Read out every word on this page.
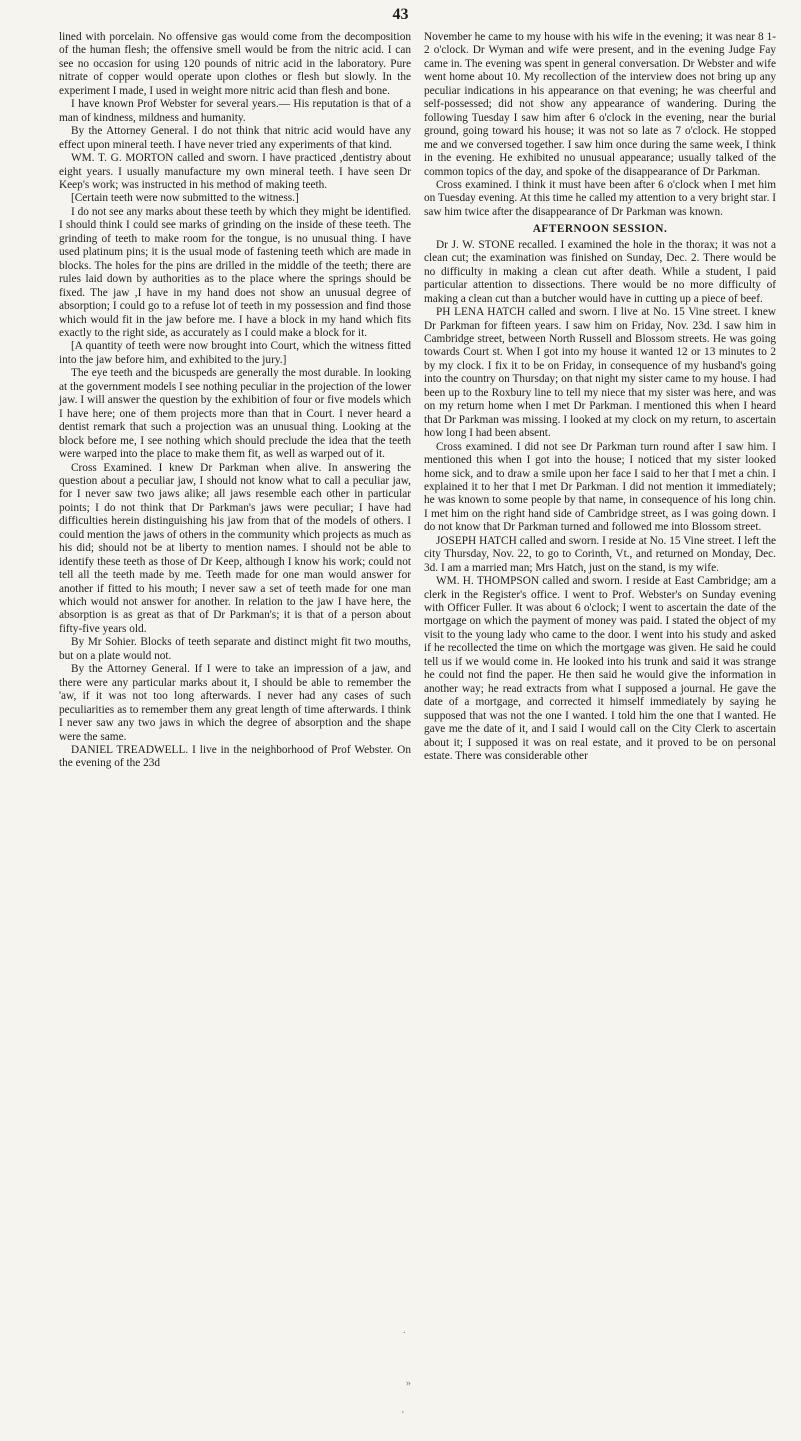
43

lined with porcelain. No offensive gas would come from the decomposition of the human flesh; the offensive smell would be from the nitric acid. I can see no occasion for using 120 pounds of nitric acid in the laboratory. Pure nitrate of copper would operate upon clothes or flesh but slowly. In the experiment I made, I used in weight more nitric acid than flesh and bone.

I have known Prof Webster for several years.— His reputation is that of a man of kindness, mildness and humanity.

By the Attorney General. I do not think that nitric acid would have any effect upon mineral teeth. I have never tried any experiments of that kind.

WM. T. G. MORTON called and sworn. I have practiced ,dentistry about eight years. I usually manufacture my own mineral teeth. I have seen Dr Keep's work; was instructed in his method of making teeth.

[Certain teeth were now submitted to the witness.]

I do not see any marks about these teeth by which they might be identified. I should think I could see marks of grinding on the inside of these teeth. The grinding of teeth to make room for the tongue, is no unusual thing. I have used platinum pins; it is the usual mode of fastening teeth which are made in blocks. The holes for the pins are drilled in the middle of the teeth; there are rules laid down by authorities as to the place where the springs should be fixed. The jaw ,I have in my hand does not show an unusual degree of absorption; I could go to a refuse lot of teeth in my possession and find those which would fit in the jaw before me. I have a block in my hand which fits exactly to the right side, as accurately as I could make a block for it.

[A quantity of teeth were now brought into Court, which the witness fitted into the jaw before him, and exhibited to the jury.]

The eye teeth and the bicuspeds are generally the most durable. In looking at the government models I see nothing peculiar in the projection of the lower jaw. I will answer the question by the exhibition of four or five models which I have here; one of them projects more than that in Court. I never heard a dentist remark that such a projection was an unusual thing. Looking at the block before me, I see nothing which should preclude the idea that the teeth were warped into the place to make them fit, as well as warped out of it.

Cross Examined. I knew Dr Parkman when alive. In answering the question about a peculiar jaw, I should not know what to call a peculiar jaw, for I never saw two jaws alike; all jaws resemble each other in particular points; I do not think that Dr Parkman's jaws were peculiar; I have had difficulties herein distinguishing his jaw from that of the models of others. I could mention the jaws of others in the community which projects as much as his did; should not be at liberty to mention names. I should not be able to identify these teeth as those of Dr Keep, although I know his work; could not tell all the teeth made by me. Teeth made for one man would answer for another if fitted to his mouth; I never saw a set of teeth made for one man which would not answer for another. In relation to the jaw I have here, the absorption is as great as that of Dr Parkman's; it is that of a person about fifty-five years old.

By Mr Sohier. Blocks of teeth separate and distinct might fit two mouths, but on a plate would not.

By the Attorney General. If I were to take an impression of a jaw, and there were any particular marks about it, I should be able to remember the 'aw, if it was not too long afterwards. I never had any cases of such peculiarities as to remember them any great length of time afterwards. I think I never saw any two jaws in which the degree of absorption and the shape were the same.

DANIEL TREADWELL. I live in the neighborhood of Prof Webster. On the evening of the 23d

November he came to my house with his wife in the evening; it was near 8 1-2 o'clock. Dr Wyman and wife were present, and in the evening Judge Fay came in. The evening was spent in general conversation. Dr Webster and wife went home about 10. My recollection of the interview does not bring up any peculiar indications in his appearance on that evening; he was cheerful and self-possessed; did not show any appearance of wandering. During the following Tuesday I saw him after 6 o'clock in the evening, near the burial ground, going toward his house; it was not so late as 7 o'clock. He stopped me and we conversed together. I saw him once during the same week, I think in the evening. He exhibited no unusual appearance; usually talked of the common topics of the day, and spoke of the disappearance of Dr Parkman.

Cross examined. I think it must have been after 6 o'clock when I met him on Tuesday evening. At this time he called my attention to a very bright star. I saw him twice after the disappearance of Dr Parkman was known.

AFTERNOON SESSION.

Dr J. W. STONE recalled. I examined the hole in the thorax; it was not a clean cut; the examination was finished on Sunday, Dec. 2. There would be no difficulty in making a clean cut after death. While a student, I paid particular attention to dissections. There would be no more difficulty of making a clean cut than a butcher would have in cutting up a piece of beef.

PH LENA HATCH called and sworn. I live at No. 15 Vine street. I knew Dr Parkman for fifteen years. I saw him on Friday, Nov. 23d. I saw him in Cambridge street, between North Russell and Blossom streets. He was going towards Court st. When I got into my house it wanted 12 or 13 minutes to 2 by my clock. I fix it to be on Friday, in consequence of my husband's going into the country on Thursday; on that night my sister came to my house. I had been up to the Roxbury line to tell my niece that my sister was here, and was on my return home when I met Dr Parkman. I mentioned this when I heard that Dr Parkman was missing. I looked at my clock on my return, to ascertain how long I had been absent.

Cross examined. I did not see Dr Parkman turn round after I saw him. I mentioned this when I got into the house; I noticed that my sister looked home sick, and to draw a smile upon her face I said to her that I met a chin. I explained it to her that I met Dr Parkman. I did not mention it immediately; he was known to some people by that name, in consequence of his long chin. I met him on the right hand side of Cambridge street, as I was going down. I do not know that Dr Parkman turned and followed me into Blossom street.

JOSEPH HATCH called and sworn. I reside at No. 15 Vine street. I left the city Thursday, Nov. 22, to go to Corinth, Vt., and returned on Monday, Dec. 3d. I am a married man; Mrs Hatch, just on the stand, is my wife.

WM. H. THOMPSON called and sworn. I reside at East Cambridge; am a clerk in the Register's office. I went to Prof. Webster's on Sunday evening with Officer Fuller. It was about 6 o'clock; I went to ascertain the date of the mortgage on which the payment of money was paid. I stated the object of my visit to the young lady who came to the door. I went into his study and asked if he recollected the time on which the mortgage was given. He said he could tell us if we would come in. He looked into his trunk and said it was strange he could not find the paper. He then said he would give the information in another way; he read extracts from what I supposed a journal. He gave the date of a mortgage, and corrected it himself immediately by saying he supposed that was not the one I wanted. I told him the one that I wanted. He gave me the date of it, and I said I would call on the City Clerk to ascertain about it; I supposed it was on real estate, and it proved to be on personal estate. There was considerable other

.
»
'
